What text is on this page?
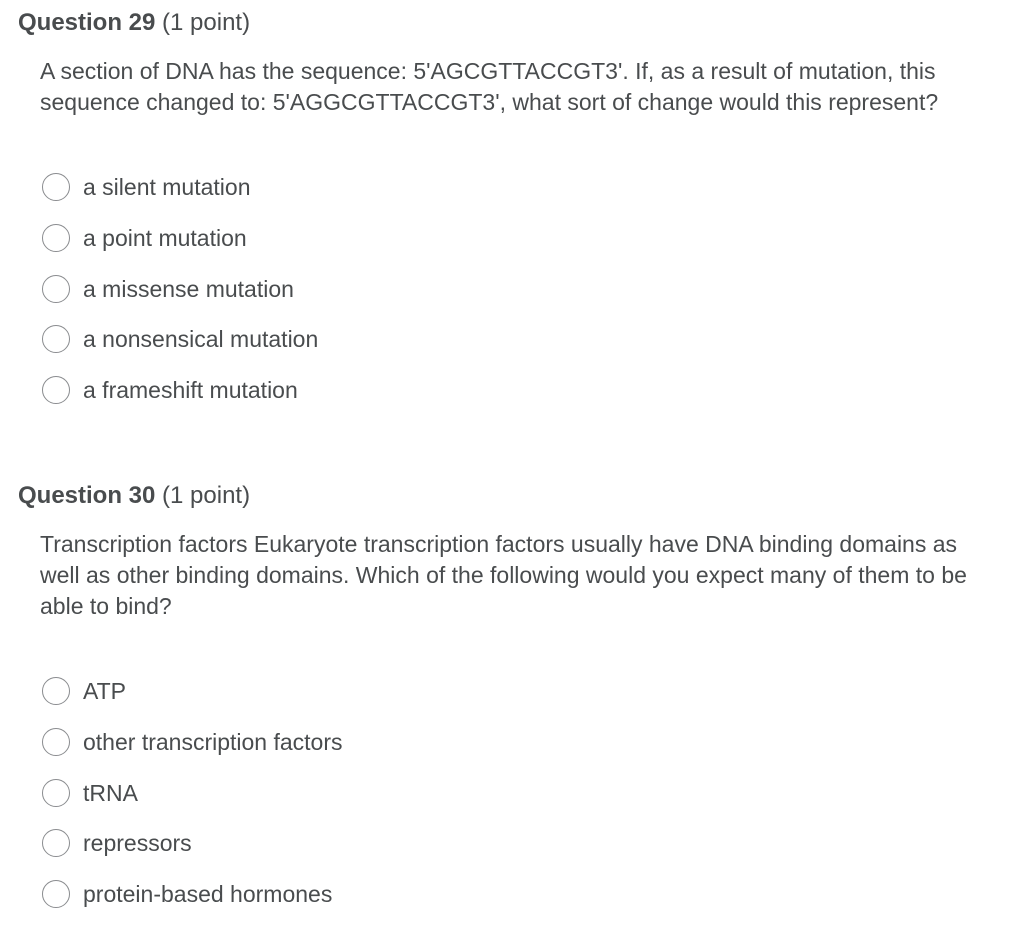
Question 29 (1 point)
A section of DNA has the sequence: 5'AGCGTTACCGT3'. If, as a result of mutation, this sequence changed to: 5'AGGCGTTACCGT3', what sort of change would this represent?
a silent mutation
a point mutation
a missense mutation
a nonsensical mutation
a frameshift mutation
Question 30 (1 point)
Transcription factors Eukaryote transcription factors usually have DNA binding domains as well as other binding domains. Which of the following would you expect many of them to be able to bind?
ATP
other transcription factors
tRNA
repressors
protein-based hormones
